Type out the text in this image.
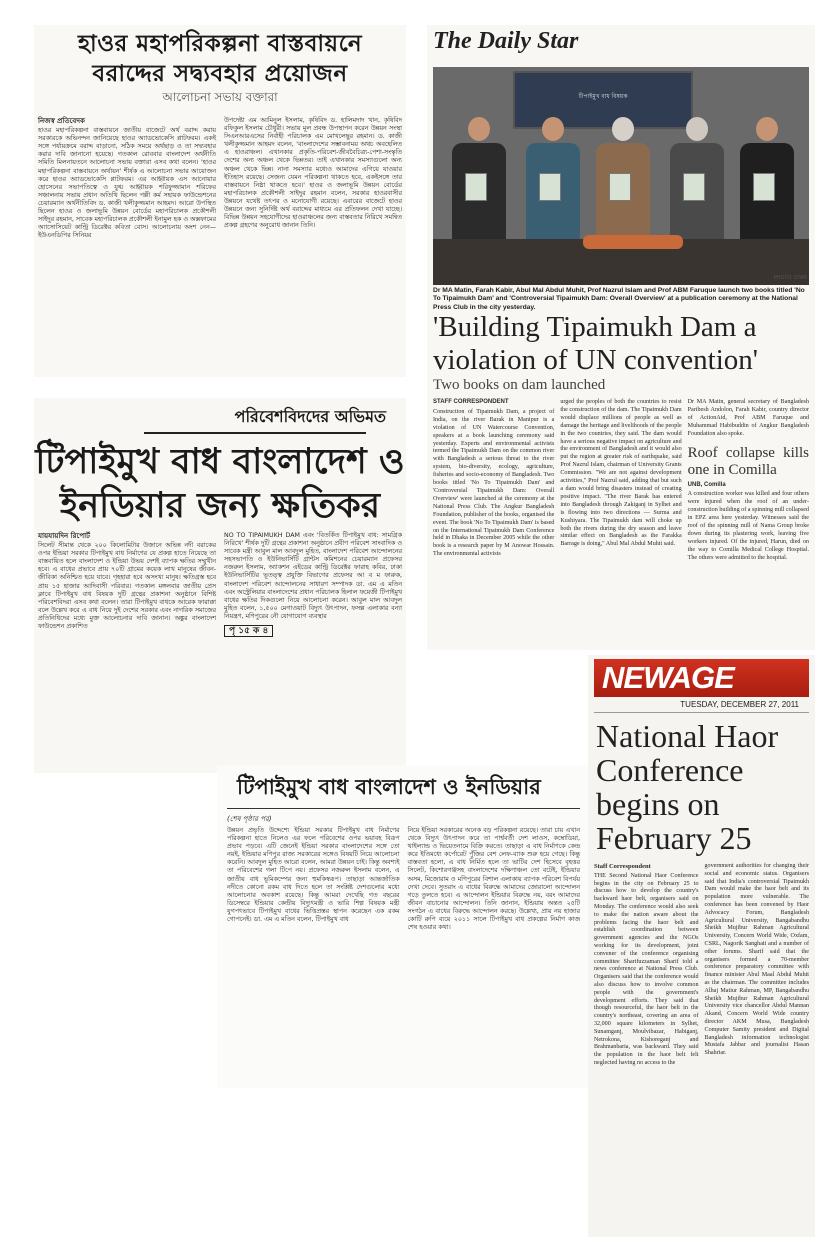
হাওর মহাপরিকল্পনা বাস্তবায়নে
বরাদ্দের সদ্ব্যবহার প্রয়োজন
আলোচনা সভায় বক্তারা
নিজস্ব প্রতিবেদক

হাওর মহাপরিকল্পনা বাস্তবায়নে জাতীয় বাজেটে অর্থ বরাদ্দ করায় সরকারকে অভিনন্দন জানিয়েছে হাওর অ্যাডভোকেসি প্লাটফরম। একই সঙ্গে পর্যায়ক্রমে বরাদ্দ বাড়ানো, সঠিক সময়ে অর্থছাড় ও তা সদ্ব্যবহার করার দাবি জানানো হয়েছে। গতকাল রোববার বাংলাদেশ অর্থনীতি সমিতি মিলনায়তনে আলোচনা সভায় বক্তারা এসব কথা বলেন। 'হাওর মহাপরিকল্পনা বাস্তবায়নে অর্থায়ন' শীর্ষক এ আলোচনা সভার আয়োজন করে হাওর অ্যাডভোকেসি প্লাটফরম। এর আহ্বায়ক এস আনোয়ার হোসেনের সভাপতিত্বে ও যুগ্ম আহ্বায়ক শরিফুজ্জামান শরিফের সঞ্চালনায় সভায় প্রধান অতিথি ছিলেন পল্লী কর্ম সহায়ক ফাউন্ডেশনের চেয়ারম্যান অর্থনীতিবিদ ড. কাজী খলীকুজ্জমান আহমদ। আরো উপস্থিত ছিলেন হাওর ও জলাভূমি উন্নয়ন বোর্ডের মহাপরিচালক প্রকৌশলী সাইদুর রহমান, সাবেক মহাপরিচালক প্রকৌশলী ইনামুল হক ও অক্সফামের অ্যাসোসিয়েট কান্ট্রি ডিরেক্টর কবিতা বোস। আলোচনায় অংশ নেন— ইউএনডিপির সিনিয়র

উপদেষ্টা এম আমিনুল ইসলাম, কৃষিবিদ ড. হালিমদাদ খান, কৃষিবিদ রফিকুল ইসলাম চৌধুরী। সভায় মূল প্রবন্ধ উপস্থাপন করেন উন্নয়ন সংস্থা সিএনআরএসের নির্বাহী পরিচালক এম মোখলেছুর রহমান। ড. কাজী খলীকুজ্জমান আহমদ বলেন, 'বাংলাদেশের সম্ভাবনাময় অথচ অবহেলিত এ হাওরাঞ্চল। এখানকার প্রকৃতি-পরিবেশ-জীববৈচিত্র্য-পেশা-সংস্কৃতি দেশের অন্য অঞ্চল থেকে ভিন্নতর। তাই এখানকার সমস্যাগুলো অন্য অঞ্চল থেকে ভিন্ন। নানা সমস্যার মধ্যেও আমাদের এগিয়ে যাওয়ার ইতিহাস রয়েছে। সেজন্য যেমন পরিকল্পনা থাকতে হবে, একইসঙ্গে তার বাস্তবায়নে নিষ্ঠা থাকতে হবে।' হাওর ও জলাভূমি উন্নয়ন বোর্ডের মহাপরিচালক প্রকৌশলী সাইদুর রহমান বলেন, সরকার হাওরবাসীর উন্নয়নে যথেষ্ট তৎপর ও মনোযোগী রয়েছে। এবারের বাজেটে হাওর উন্নয়নে জন্য সুনির্দিষ্ট অর্থ বরাদ্দের মাধ্যমে এর প্রতিফলন দেখা যাচ্ছে। বিভিন্ন উন্নয়ন সহযোগীদের হাওরাঞ্চলের জন্য বাস্তবতার নিরিখে সমন্বিত প্রকল্প গ্রহণের অনুরোধ জানান তিনি।

পরিবেশবিদদের অভিমত
টিপাইমুখ বাধ বাংলাদেশ ও
ইনডিয়ার জন্য ক্ষতিকর
যায়যায়দিন রিপোর্ট

সিলেট সীমান্ত থেকে ২০০ কিলোমিটার উজানে অভিন্ন নদী বরাকের ওপর ইন্ডিয়া সরকার টিপাইমুখ বাধ নির্মাণের যে প্রকল্প হাতে নিয়েছে তা বাস্তবায়িত হলে বাংলাদেশ ও ইন্ডিয়া উভয় দেশই ব্যাপক ক্ষতির সম্মুখীন হবে। এ বাধের প্রভাবে প্রায় ৭০টি গ্রামের কয়েক লাখ মানুষের জীবন-জীবিকা অনিশ্চিত হয়ে যাবে। গৃহহারা হবে অসংখ্য মানুষ। ক্ষতিগ্রস্ত হবে প্রায় ১৫ হাজার আদিবাসী পরিবার। গতকাল মঙ্গলবার জাতীয় প্রেস ক্লাবে টিপাইমুখ বাধ বিষয়ক দুটি গ্রন্থের প্রকাশনা অনুষ্ঠানে বিশিষ্ট পরিবেশবিদরা এসব কথা বলেন। তারা টিপাইমুখ বাধকে আরেক ফারাক্কা বলে উল্লেখ করে এ বাধ নিয়ে দুই দেশের সরকার এবং নাগরিক সমাজের প্রতিনিধিদের মধ্যে মুক্ত আলোচনার দাবি জানান। অঙ্কুর বাংলাদেশ ফাউন্ডেশন প্রকাশিত

NO TO TIPAIMUKH DAM এবং 'বিতর্কিত টিপাইমুখ বাধ: সামগ্রিক নিরিখে' শীর্ষক দুটি গ্রন্থের প্রকাশনা অনুষ্ঠানে প্রবীণ পরিবেশ সাংবাদিক ও সাবেক মন্ত্রী আবুল মাল আবদুল মুহিত, বাংলাদেশ পরিবেশ আন্দোলনের সহসভাপতি ও ইউনিভার্সিটি গ্রান্টস কমিশনের চেয়ারম্যান প্রফেসর নজরুল ইসলাম, অ্যাকশন এইডের কান্ট্রি ডিরেক্টর ফারাহ কবির, ঢাকা ইউনিভার্সিটির ভূতত্ত্ব প্রযুক্তি বিভাগের প্রফেসর আ ব ম ফারুক, বাংলাদেশ পরিবেশ আন্দোলনের সাধারণ সম্পাদক ডা. এম এ মতিন এবং অস্ট্রেলিয়ার বাংলাদেশের প্রধান পরিচালক হিলাল ফয়েজী টিপাইমুখ বাধের ক্ষতির দিকগুলো নিয়ে আলোচনা করেন। আবুল মাল আবদুল মুহিত বলেন, ১,৫০০ মেগাওয়াট বিদ্যুৎ উৎপাদন, ফসল্ল এলাকার বন্যা নিয়ন্ত্রণ, মণিপুরের নৌ যোগাযোগ ব্যবস্থার

পৃ ১৫ ক ৪
টিপাইমুখ বাধ বাংলাদেশ ও ইনডিয়ার
(শেষ পৃষ্ঠার পর)

উন্নয়ন প্রভৃতি উদ্দেশ্যে ইন্ডিয়া সরকার টিপাইমুখ বাধ নির্মাণের পরিকল্পনা হাতে নিলেও এর ফলে পরিবেশের ওপর ভয়াবহ বিরূপ প্রভাব পড়বে। এটি জেনেই ইন্ডিয়া সরকার বাংলাদেশের সঙ্গে তো নয়ই, ইন্ডিয়ার মণিপুর রাজ্য সরকারের সঙ্গেও বিষয়টি নিয়ে আলোচনা করেনি। আবদুল মুহিত আরো বলেন, আমরা উন্নয়ন চাই। কিন্তু অবশ্যই তা পরিবেশের গলা টিপে নয়। প্রফেসর নজরুল ইসলাম বলেন, এ জাতীয় বাধ ভূমিকম্পের জন্য হুমকিস্বরূপ। তাছাড়া আন্তর্জাতিক নদীতে কোনো রকম বাধ দিতে হলে তা সংশ্লিষ্ট দেশগুলোর মধ্যে আলোচনার অবকাশ রয়েছে। কিন্তু আমরা দেখেছি গত বছরের ডিসেম্বরে ইন্ডিয়ার কেন্দ্রীয় বিদ্যুৎমন্ত্রী ও ভারি শিল্প বিষয়ক মন্ত্রী যুগপৎভাবে টিপাইমুখ বাধের ভিত্তিপ্রস্তর স্থাপন করেছেন এক রকম গোপনেই। ডা. এম এ মতিন বলেন, টিপাইমুখ বাধ

নিয়ে ইন্ডিয়া সরকারের অনেক বড় পরিকল্পনা রয়েছে। তারা চায় এখান থেকে বিদ্যুৎ উৎপাদন করে তা পার্শ্ববর্তী দেশ লাওস, কম্বোডিয়া, থাইল্যান্ড ও ভিয়েতনামে বিক্রি করতে। তাছাড়া এ বাধ নির্মাণকে কেন্দ্র করে ইতিমধ্যে কর্পোরেট পুঁজির বেশ লেফ-ব্যাক শুরু হয়ে গেছে। কিন্তু বাস্তবতা হলো, এ বাধ নির্মিত হলে তা ভাটির দেশ হিসেবে বৃহত্তর সিলেট, কিশোরগঞ্জসহ বাংলাদেশের দক্ষিণাঞ্চল তো বটেই, ইন্ডিয়ার অসম, মিজোরাম ও মণিপুরের বিশাল এলাকায় ব্যাপক পরিবেশ বিপর্যয় দেখা দেবে। সুতরাং এ বাধের বিরুদ্ধে আমাদের জোরালো আন্দোলন গড়ে তুলতে হবে। এ আন্দোলন ইন্ডিয়ার বিরুদ্ধে নয়, বরং আমাদের জীবন বাচানোর আন্দোলন। তিনি জানান, ইন্ডিয়ায় অন্তত ২৫টি সংগঠন এ বাধের বিরুদ্ধে আন্দোলন করছে। উল্লেখ্য, প্রায় নয় হাজার কোটি রুপি ব্যয়ে ২০১১ সালে টিপাইমুখ বাধ প্রকল্পের নির্মাণ কাজ শেষ হওয়ার কথা।

The Daily Star
টিপাইমুখ বাধ বিষয়ক
PHOTO: STAR
Dr MA Matin, Farah Kabir, Abul Mal Abdul Muhit, Prof Nazrul Islam and Prof ABM Faruque launch two books titled 'No To Tipaimukh Dam' and 'Controversial Tipaimukh Dam: Overall Overview' at a publication ceremony at the National Press Club in the city yesterday.
'Building Tipaimukh Dam a violation of UN convention'
Two books on dam launched
STAFF CORRESPONDENT

Construction of Tipaimukh Dam, a project of India, on the river Barak in Manipur is a violation of UN Watercourse Convention, speakers at a book launching ceremony said yesterday. Experts and environmental activists termed the Tipaimukh Dam on the common river with Bangladesh a serious threat to the river system, bio-diversity, ecology, agriculture, fisheries and socio-economy of Bangladesh. Two books titled 'No To Tipaimukh Dam' and 'Controversial Tipaimukh Dam: Overall Overview' were launched at the ceremony at the National Press Club. The Angkur Bangladesh Foundation, publisher of the books, organised the event. The book 'No To Tipaimukh Dam' is based on the International Tipaimukh Dam Conference held in Dhaka in December 2005 while the other book is a research paper by M Anowar Hossain. The environmental activists

urged the peoples of both the countries to resist the construction of the dam. The Tipaimukh Dam would displace millions of people as well as damage the heritage and livelihoods of the people in the two countries, they said. The dam would have a serious negative impact on agriculture and the environment of Bangladesh and it would also put the region at greater risk of earthquake, said Prof Nazrul Islam, chairman of University Grants Commission. "We are not against development activities," Prof Nazrul said, adding that but such a dam would bring disasters instead of creating positive impact. "The river Barak has entered into Bangladesh through Zakiganj in Sylhet and is flowing into two directions — Surma and Kushiyara. The Tipaimukh dam will choke up both the rivers during the dry season and leave similar effect on Bangladesh as the Farakka Barrage is doing," Abul Mal Abdul Muhit said.

Dr MA Matin, general secretary of Bangladesh Paribesh Andolon, Farah Kabir, country director of ActionAid, Prof ABM Faruque and Muhammad Habibuddin of Angkur Bangladesh Foundation also spoke.

Roof collapse kills one in Comilla
UNB, Comilla

A construction worker was killed and four others were injured when the roof of an under-construction building of a spinning mill collapsed in EPZ area here yesterday. Witnesses said the roof of the spinning mill of Nama Group broke down during its plastering work, leaving five workers injured. Of the injured, Harun, died on the way to Comilla Medical College Hospital. The others were admitted to the hospital.

NEWAGE
TUESDAY, DECEMBER 27, 2011
National Haor Conference begins on February 25
Staff Correspondent

THE Second National Haor Conference begins in the city on February 25 to discuss how to develop the country's backward haor belt, organisers said on Monday. The conference would also seek to make the nation aware about the problems facing the haor belt and establish coordination between government agencies and the NGOs working for its development, joint convener of the conference organising committee Sharifuzzaman Sharif told a news conference at National Press Club. Organisers said that the conference would also discuss how to involve common people with the government's development efforts. They said that though resourceful, the haor belt in the country's northeast, covering an area of 32,000 square kilometers in Sylhet, Sunamganj, Moulvibazar, Habiganj, Netrokona, Kishoreganj and Brahmanbaria, was backward. They said the population in the haor belt felt neglected having no access to the

government authorities for changing their social and economic status. Organisers said that India's controversial Tipaimukh Dam would make the haor belt and its population more vulnerable. The conference has been convened by Haor Advocacy Forum, Bangladesh Agricultural University, Bangabandhu Sheikh Mujibur Rahman Agricultural University, Concern World Wide, Oxfam, CSRL, Nagorik Sanghati and a number of other forums. Sharif said that the organisers formed a 70-member conference preparatory committee with finance minister Abul Maal Abdul Muhit as the chairman. The committee includes Alhaj Matiur Rahman, MP, Bangabandhu Sheikh Mujibur Rahman Agricultural University vice chancellor Abdul Mannan Akand, Concern World Wide country director AKM Musa, Bangladesh Computer Samity president and Digital Bangladesh information technologist Mustafa Jabbar and journalist Hasan Shahriar.
